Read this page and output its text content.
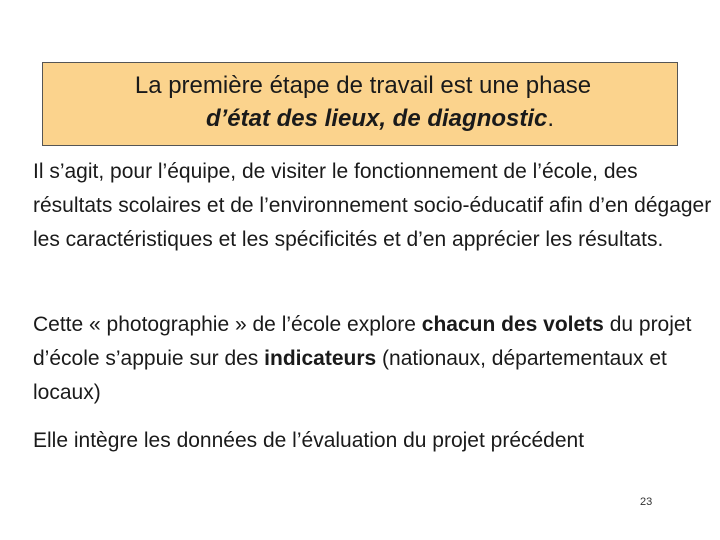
La première étape de travail est une phase
d’état des lieux, de diagnostic.

Il s’agit, pour l’équipe, de visiter le fonctionnement de l’école, des résultats scolaires et de l’environnement socio-éducatif afin d’en dégager les caractéristiques et les spécificités et d’en apprécier les résultats.

Cette « photographie » de l’école explore chacun des volets du projet d’école s’appuie sur des indicateurs (nationaux, départementaux et locaux)

Elle intègre les données de l’évaluation du projet précédent

23
